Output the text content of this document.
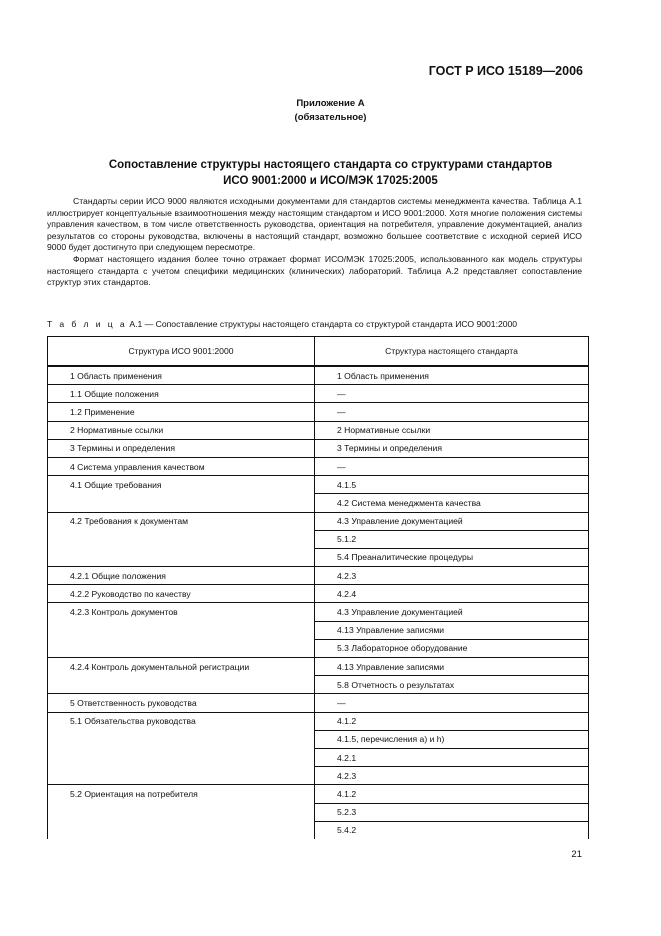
ГОСТ Р ИСО 15189—2006
Приложение А
(обязательное)
Сопоставление структуры настоящего стандарта со структурами стандартов
ИСО 9001:2000 и ИСО/МЭК 17025:2005

Стандарты серии ИСО 9000 являются исходными документами для стандартов системы менеджмента качества. Таблица А.1 иллюстрирует концептуальные взаимоотношения между настоящим стандартом и ИСО 9001:2000. Хотя многие положения системы управления качеством, в том числе ответственность руководства, ориентация на потребителя, управление документацией, анализ результатов со стороны руководства, включены в настоящий стандарт, возможно большее соответствие с исходной серией ИСО 9000 будет достигнуто при следующем пересмотре.

Формат настоящего издания более точно отражает формат ИСО/МЭК 17025:2005, использованного как модель структуры настоящего стандарта с учетом специфики медицинских (клинических) лабораторий. Таблица А.2 представляет сопоставление структур этих стандартов.

Т а б л и ц а А.1 — Сопоставление структуры настоящего стандарта со структурой стандарта ИСО 9001:2000
Структура ИСО 9001:2000	Структура настоящего стандарта
1 Область применения	1 Область применения
1.1 Общие положения	—
1.2 Применение	—
2 Нормативные ссылки	2 Нормативные ссылки
3 Термины и определения	3 Термины и определения
4 Система управления качеством	—
4.1 Общие требования	4.1.5
	4.2 Система менеджмента качества
4.2 Требования к документам	4.3 Управление документацией
	5.1.2
	5.4 Преаналитические процедуры
4.2.1 Общие положения	4.2.3
4.2.2 Руководство по качеству	4.2.4
4.2.3 Контроль документов	4.3 Управление документацией
	4.13 Управление записями
	5.3 Лабораторное оборудование
4.2.4 Контроль документальной регистрации	4.13 Управление записями
	5.8 Отчетность о результатах
5 Ответственность руководства	—
5.1 Обязательства руководства	4.1.2
	4.1.5, перечисления a) и h)
	4.2.1
	4.2.3
5.2 Ориентация на потребителя	4.1.2
	5.2.3
	5.4.2
21
